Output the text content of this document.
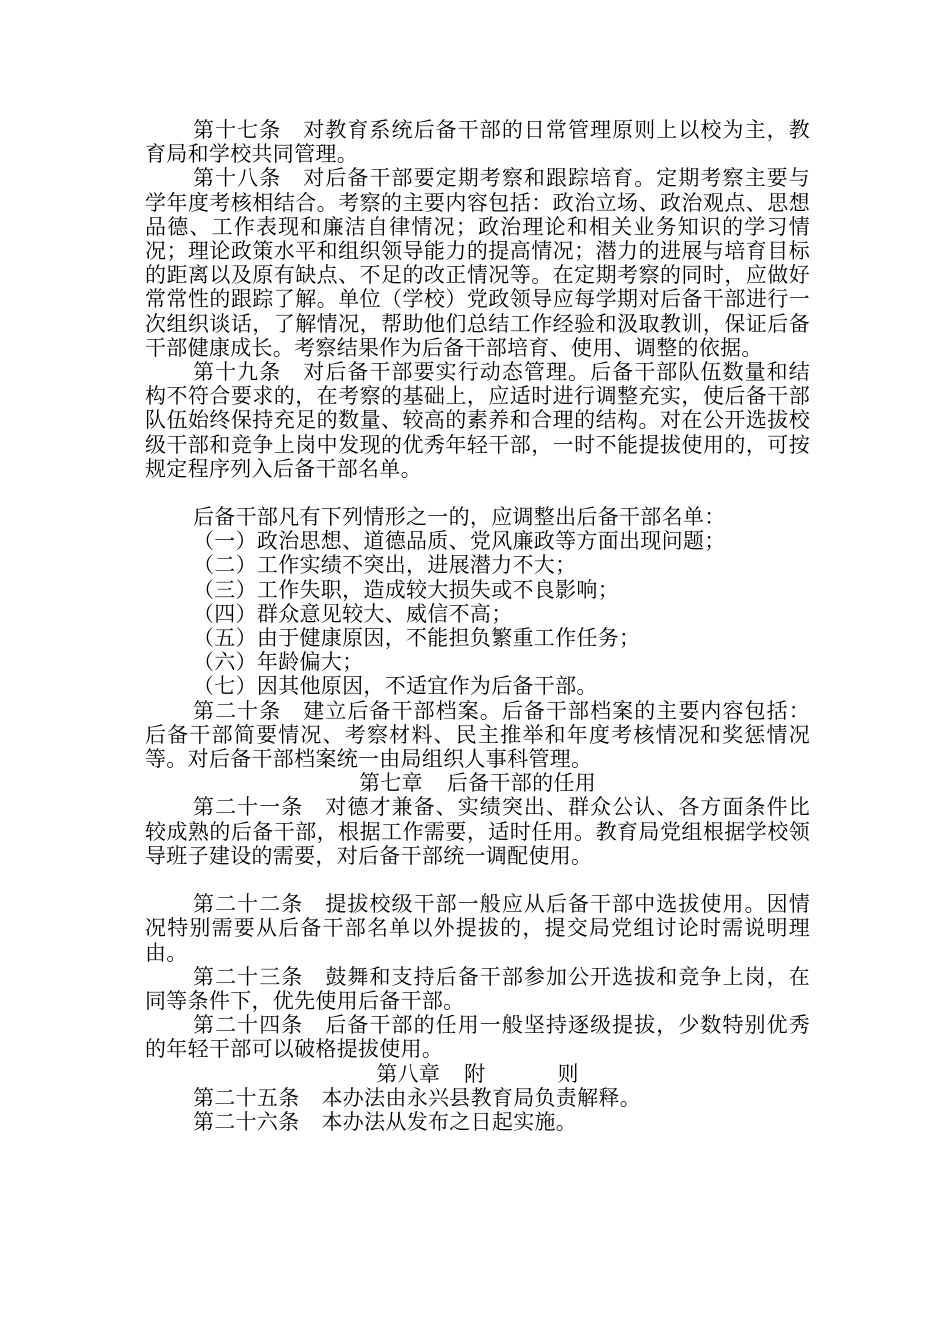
第十七条 对教育系统后备干部的日常管理原则上以校为主，教育局和学校共同管理。

第十八条 对后备干部要定期考察和跟踪培育。定期考察主要与学年度考核相结合。考察的主要内容包括：政治立场、政治观点、思想品德、工作表现和廉洁自律情况；政治理论和相关业务知识的学习情况；理论政策水平和组织领导能力的提高情况；潜力的进展与培育目标的距离以及原有缺点、不足的改正情况等。在定期考察的同时，应做好常常性的跟踪了解。单位（学校）党政领导应每学期对后备干部进行一次组织谈话，了解情况，帮助他们总结工作经验和汲取教训，保证后备干部健康成长。考察结果作为后备干部培育、使用、调整的依据。

第十九条 对后备干部要实行动态管理。后备干部队伍数量和结构不符合要求的，在考察的基础上，应适时进行调整充实，使后备干部队伍始终保持充足的数量、较高的素养和合理的结构。对在公开选拔校级干部和竞争上岗中发现的优秀年轻干部，一时不能提拔使用的，可按规定程序列入后备干部名单。

后备干部凡有下列情形之一的，应调整出后备干部名单：

（一）政治思想、道德品质、党风廉政等方面出现问题；

（二）工作实绩不突出，进展潜力不大；

（三）工作失职，造成较大损失或不良影响；

（四）群众意见较大、威信不高；

（五）由于健康原因，不能担负繁重工作任务；

（六）年龄偏大；

（七）因其他原因，不适宜作为后备干部。

第二十条 建立后备干部档案。后备干部档案的主要内容包括：后备干部简要情况、考察材料、民主推举和年度考核情况和奖惩情况等。对后备干部档案统一由局组织人事科管理。

第七章 后备干部的任用

第二十一条 对德才兼备、实绩突出、群众公认、各方面条件比较成熟的后备干部，根据工作需要，适时任用。教育局党组根据学校领导班子建设的需要，对后备干部统一调配使用。

第二十二条 提拔校级干部一般应从后备干部中选拔使用。因情况特别需要从后备干部名单以外提拔的，提交局党组讨论时需说明理由。

第二十三条 鼓舞和支持后备干部参加公开选拔和竞争上岗，在同等条件下，优先使用后备干部。

第二十四条 后备干部的任用一般坚持逐级提拔，少数特别优秀的年轻干部可以破格提拔使用。

第八章 附	则

第二十五条 本办法由永兴县教育局负责解释。

第二十六条 本办法从发布之日起实施。
